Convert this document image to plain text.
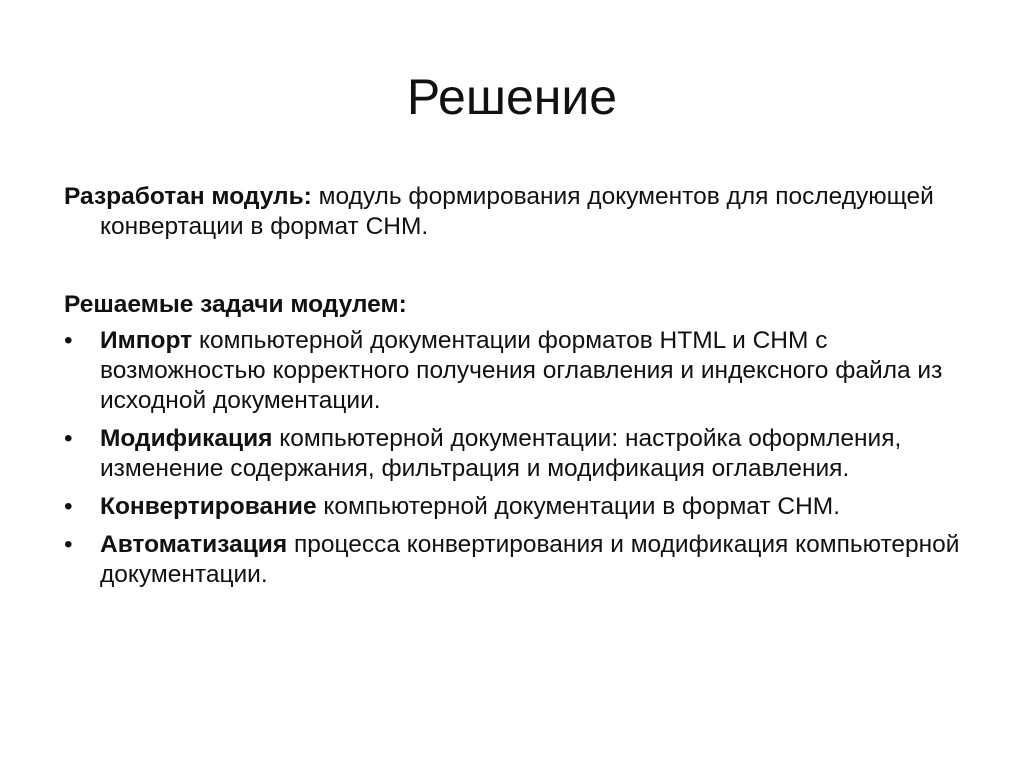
Решение

Разработан модуль: модуль формирования документов для последующей конвертации в формат CHM.

Решаемые задачи модулем:

•	Импорт компьютерной документации форматов HTML и CHM с возможностью корректного получения оглавления и индексного файла из исходной документации.
•	Модификация компьютерной документации: настройка оформления, изменение содержания, фильтрация и модификация оглавления.
•	Конвертирование компьютерной документации в формат CHM.
•	Автоматизация процесса конвертирования и модификация компьютерной документации.
